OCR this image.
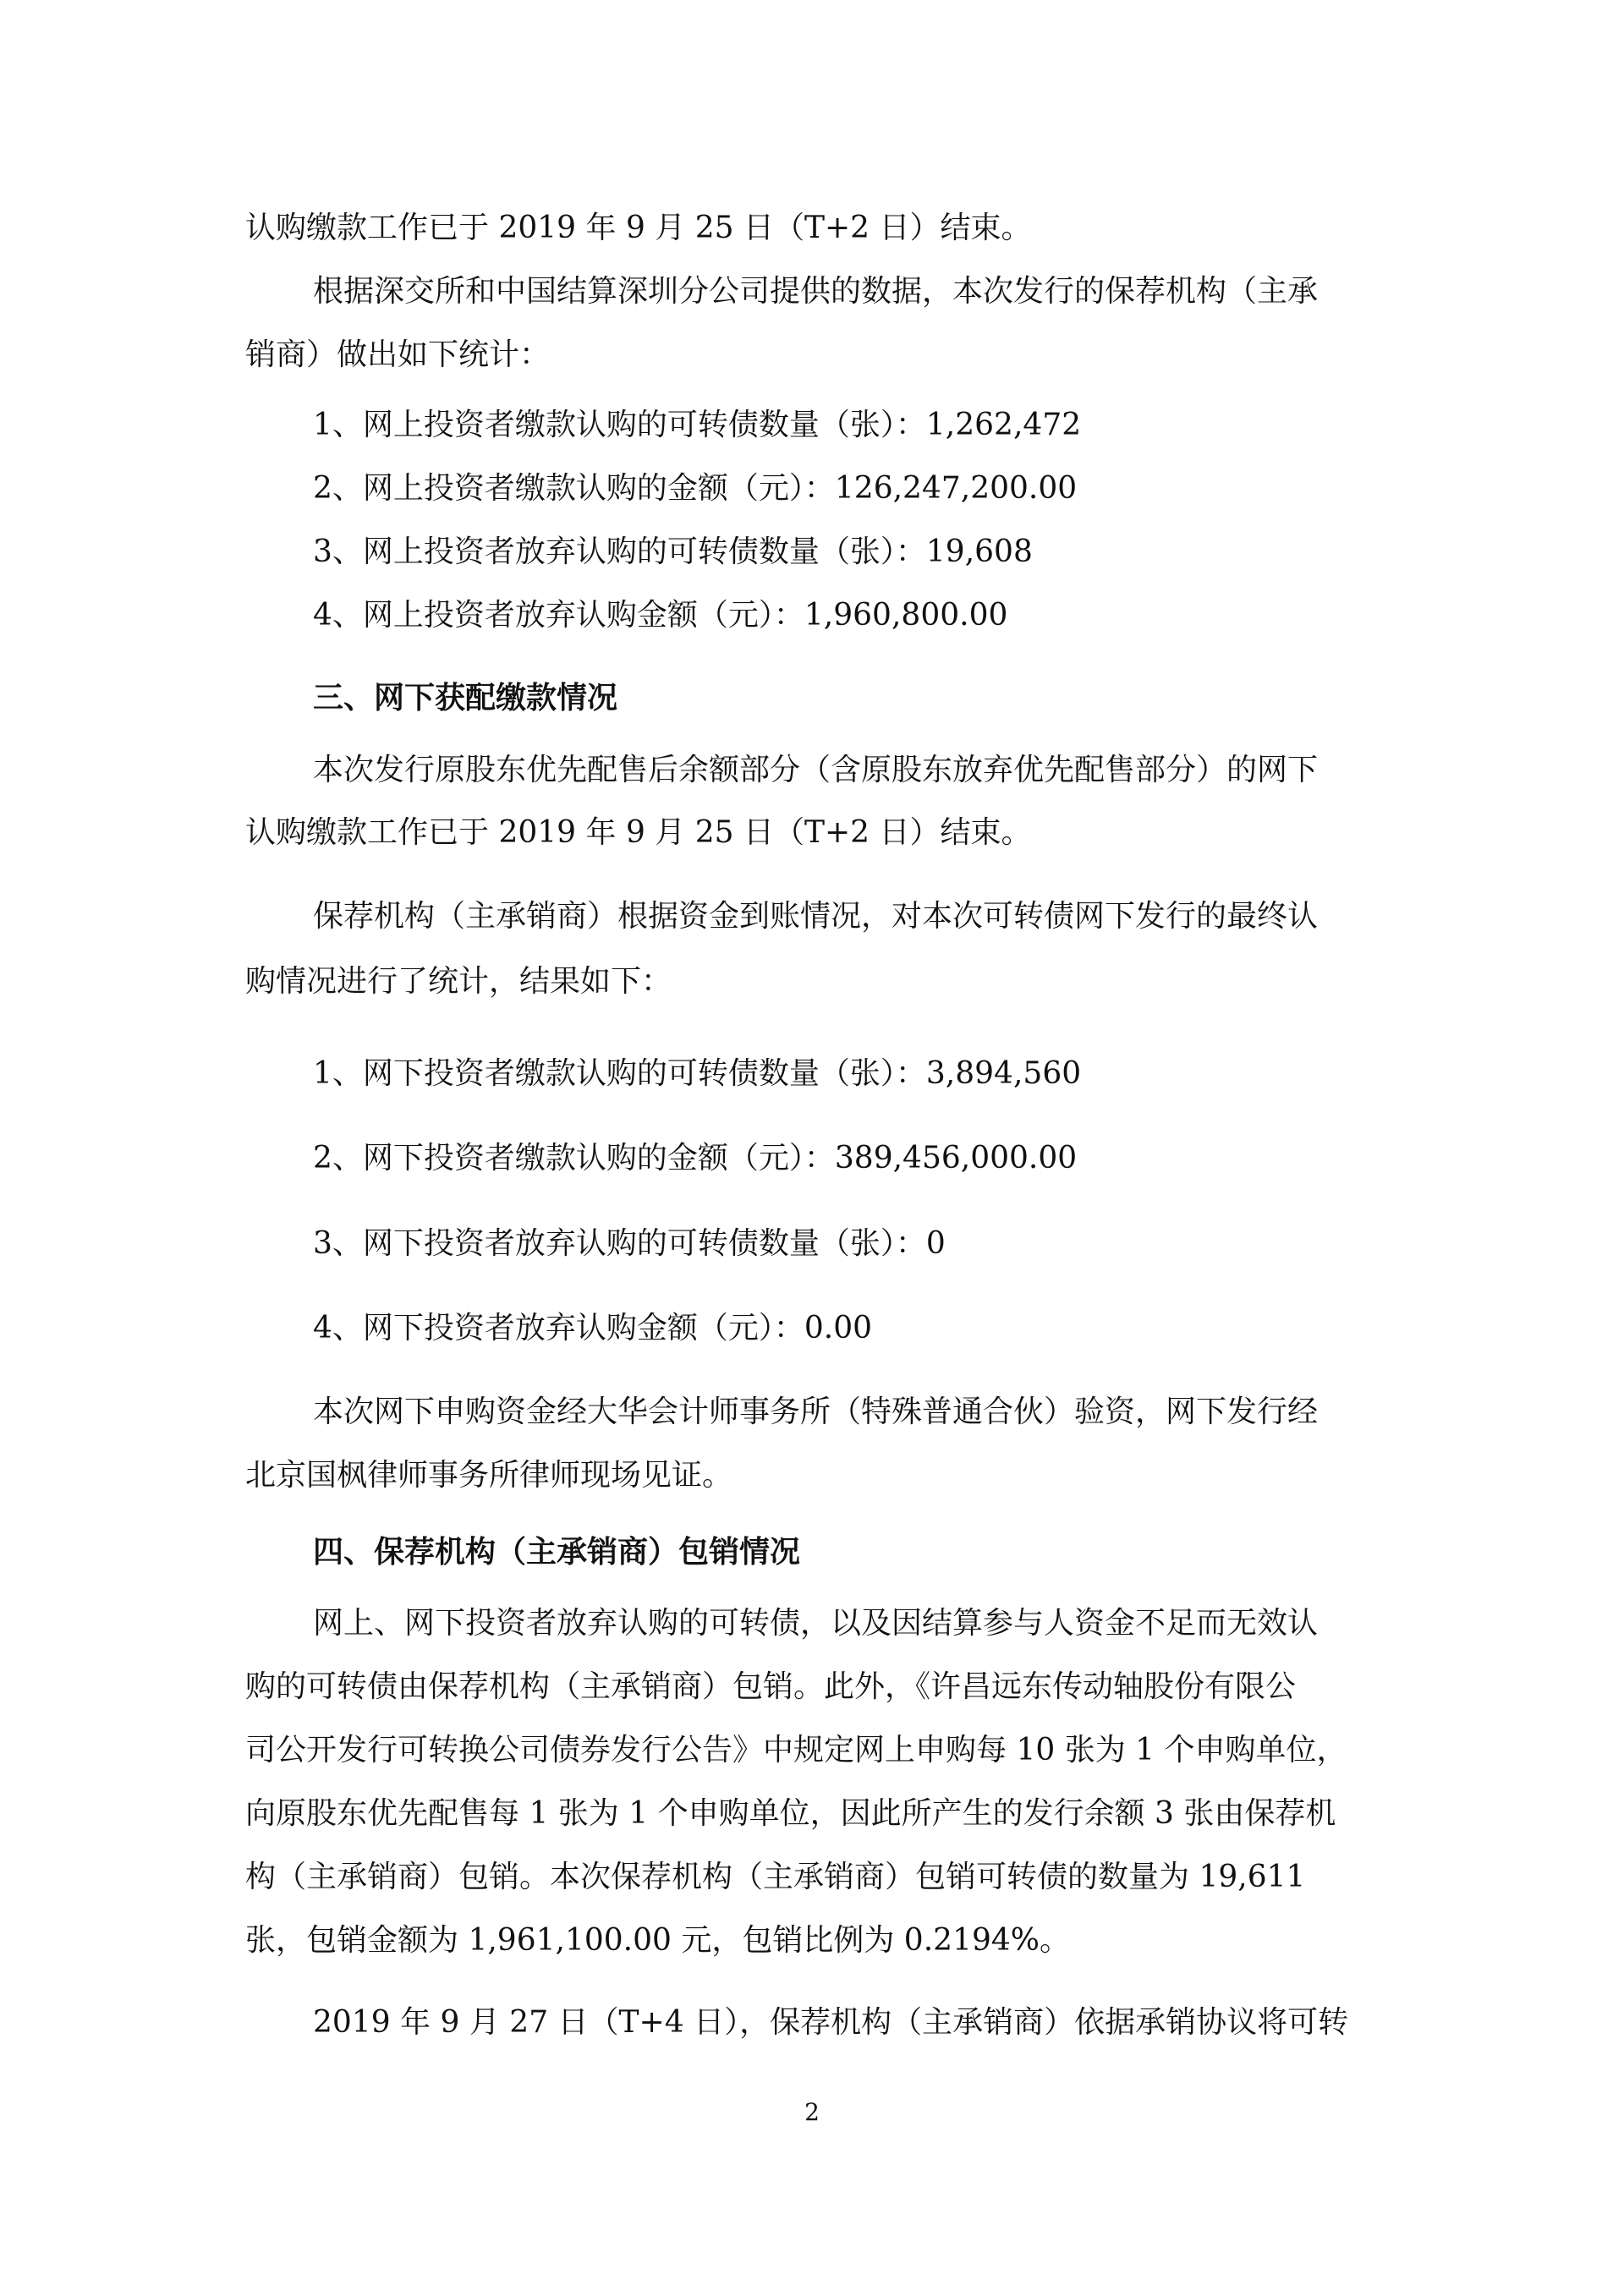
认购缴款工作已于 2019 年 9 月 25 日（T+2 日）结束。
根据深交所和中国结算深圳分公司提供的数据，本次发行的保荐机构（主承
销商）做出如下统计：
1、网上投资者缴款认购的可转债数量（张）：1,262,472
2、网上投资者缴款认购的金额（元）：126,247,200.00
3、网上投资者放弃认购的可转债数量（张）：19,608
4、网上投资者放弃认购金额（元）：1,960,800.00
三、网下获配缴款情况
本次发行原股东优先配售后余额部分（含原股东放弃优先配售部分）的网下
认购缴款工作已于 2019 年 9 月 25 日（T+2 日）结束。
保荐机构（主承销商）根据资金到账情况，对本次可转债网下发行的最终认
购情况进行了统计，结果如下：
1、网下投资者缴款认购的可转债数量（张）：3,894,560
2、网下投资者缴款认购的金额（元）：389,456,000.00
3、网下投资者放弃认购的可转债数量（张）：0
4、网下投资者放弃认购金额（元）：0.00
本次网下申购资金经大华会计师事务所（特殊普通合伙）验资，网下发行经
北京国枫律师事务所律师现场见证。
四、保荐机构（主承销商）包销情况
网上、网下投资者放弃认购的可转债，以及因结算参与人资金不足而无效认
购的可转债由保荐机构（主承销商）包销。此外，《许昌远东传动轴股份有限公
司公开发行可转换公司债券发行公告》中规定网上申购每 10 张为 1 个申购单位，
向原股东优先配售每 1 张为 1 个申购单位，因此所产生的发行余额 3 张由保荐机
构（主承销商）包销。本次保荐机构（主承销商）包销可转债的数量为 19,611
张，包销金额为 1,961,100.00 元，包销比例为 0.2194%。
2019 年 9 月 27 日（T+4 日），保荐机构（主承销商）依据承销协议将可转
2
